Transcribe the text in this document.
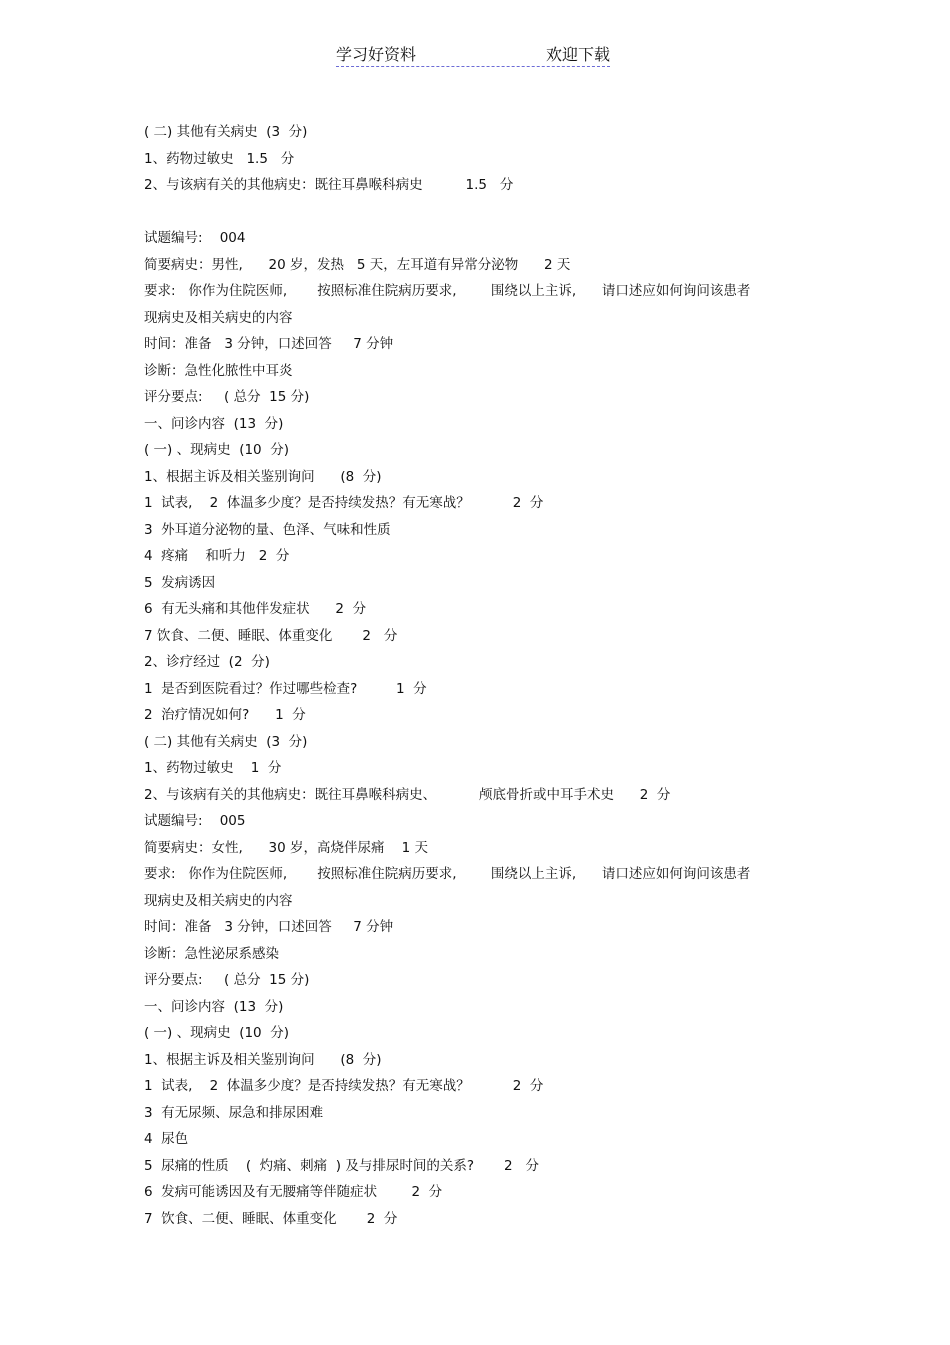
学习好资料	欢迎下载
( 二) 其他有关病史  (3  分)
1、药物过敏史   1.5   分
2、与该病有关的其他病史：既往耳鼻喉科病史          1.5   分
试题编号:    004
简要病史：男性,      20 岁，发热   5 天，左耳道有异常分泌物      2 天
要求:   你作为住院医师,       按照标准住院病历要求,        围绕以上主诉,      请口述应如何询问该患者
现病史及相关病史的内容
时间：准备   3 分钟，口述回答     7 分钟
诊断：急性化脓性中耳炎
评分要点:     ( 总分  15 分)
一、问诊内容  (13  分)
( 一) 、现病史  (10  分)
1、根据主诉及相关鉴别询问      (8  分)
1  试表,    2  体温多少度？是否持续发热？有无寒战？          2  分
3  外耳道分泌物的量、色泽、气味和性质
4  疼痛    和听力   2  分
5  发病诱因
6  有无头痛和其他伴发症状      2  分
7 饮食、二便、睡眠、体重变化       2   分
2、诊疗经过  (2  分)
1  是否到医院看过？作过哪些检查?         1  分
2  治疗情况如何?      1  分
( 二) 其他有关病史  (3  分)
1、药物过敏史    1  分
2、与该病有关的其他病史：既往耳鼻喉科病史、          颅底骨折或中耳手术史      2  分
试题编号:    005
简要病史：女性,      30 岁，高烧伴尿痛    1 天
要求:   你作为住院医师,       按照标准住院病历要求,        围绕以上主诉,      请口述应如何询问该患者
现病史及相关病史的内容
时间：准备   3 分钟，口述回答     7 分钟
诊断：急性泌尿系感染
评分要点:     ( 总分  15 分)
一、问诊内容  (13  分)
( 一) 、现病史  (10  分)
1、根据主诉及相关鉴别询问      (8  分)
1  试表,    2  体温多少度？是否持续发热？有无寒战？          2  分
3  有无尿频、尿急和排尿困难
4  尿色
5  尿痛的性质    (  灼痛、刺痛  ) 及与排尿时间的关系?       2   分
6  发病可能诱因及有无腰痛等伴随症状        2  分
7  饮食、二便、睡眠、体重变化       2  分
